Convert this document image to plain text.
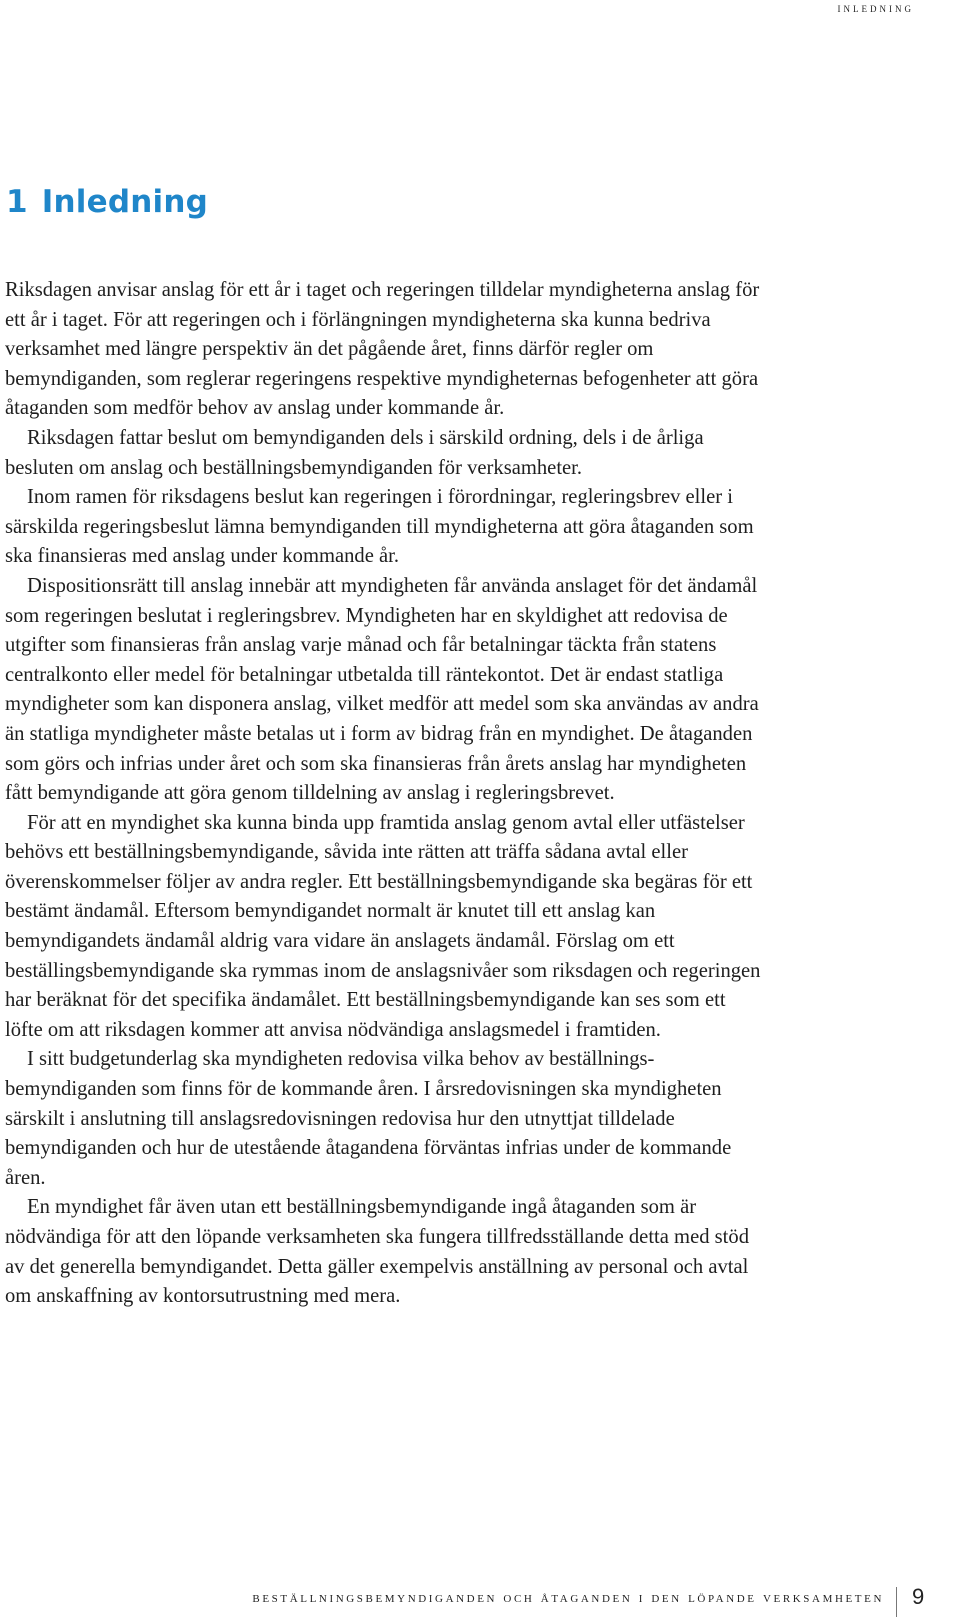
inledning
1 Inledning

Riksdagen anvisar anslag för ett år i taget och regeringen tilldelar myndigheterna anslag för ett år i taget. För att regeringen och i förlängningen myndigheterna ska kunna bedriva verksamhet med längre perspektiv än det pågående året, finns därför regler om bemyndiganden, som reglerar regeringens respektive myndigheternas befogenheter att göra åtaganden som medför behov av anslag under kommande år.

Riksdagen fattar beslut om bemyndiganden dels i särskild ordning, dels i de årliga besluten om anslag och beställningsbemyndiganden för verksamheter.

Inom ramen för riksdagens beslut kan regeringen i förordningar, regleringsbrev eller i särskilda regeringsbeslut lämna bemyndiganden till myndigheterna att göra åtaganden som ska finansieras med anslag under kommande år.

Dispositionsrätt till anslag innebär att myndigheten får använda anslaget för det ändamål som regeringen beslutat i regleringsbrev. Myndigheten har en skyldighet att redovisa de utgifter som finansieras från anslag varje månad och får betalningar täckta från statens centralkonto eller medel för betalningar utbetalda till räntekontot. Det är endast statliga myndigheter som kan disponera anslag, vilket medför att medel som ska användas av andra än statliga myndigheter måste betalas ut i form av bidrag från en myndighet. De åtaganden som görs och infrias under året och som ska finansieras från årets anslag har myndigheten fått bemyndigande att göra genom tilldelning av anslag i regleringsbrevet.

För att en myndighet ska kunna binda upp framtida anslag genom avtal eller utfästelser behövs ett beställningsbemyndigande, såvida inte rätten att träffa sådana avtal eller överenskommelser följer av andra regler. Ett beställningsbemyndigande ska begäras för ett bestämt ändamål. Eftersom bemyndigandet normalt är knutet till ett anslag kan bemyndigandets ändamål aldrig vara vidare än anslagets ändamål. Förslag om ett beställingsbemyndigande ska rymmas inom de anslagsnivåer som riksdagen och regeringen har beräknat för det specifika ändamålet. Ett beställningsbemyndigande kan ses som ett löfte om att riksdagen kommer att anvisa nödvändiga anslagsmedel i framtiden.

I sitt budgetunderlag ska myndigheten redovisa vilka behov av beställningsbemyndiganden som finns för de kommande åren. I årsredovisningen ska myndigheten särskilt i anslutning till anslagsredovisningen redovisa hur den utnyttjat tilldelade bemyndiganden och hur de utestående åtagandena förväntas infrias under de kommande åren.

En myndighet får även utan ett beställningsbemyndigande ingå åtaganden som är nödvändiga för att den löpande verksamheten ska fungera tillfredsställande detta med stöd av det generella bemyndigandet. Detta gäller exempelvis anställning av personal och avtal om anskaffning av kontorsutrustning med mera.

beställningsbemyndiganden och åtaganden i den löpande verksamheten 9
